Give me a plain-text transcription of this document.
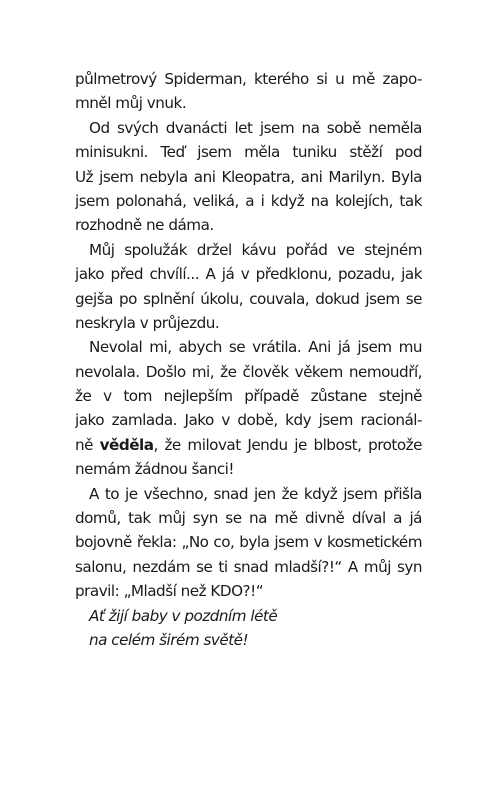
půlmetrový Spiderman, kterého si u mě zapo-
mněl můj vnuk.
Od svých dvanácti let jsem na sobě neměla
minisukni. Teď jsem měla tuniku stěží pod
Už jsem nebyla ani Kleopatra, ani Marilyn. Byla
jsem polonahá, veliká, a i když na kolejích, tak
rozhodně ne dáma.
Můj spolužák držel kávu pořád ve stejném
jako před chvílí... A já v předklonu, pozadu, jak
gejša po splnění úkolu, couvala, dokud jsem se
neskryla v průjezdu.
Nevolal mi, abych se vrátila. Ani já jsem mu
nevolala. Došlo mi, že člověk věkem nemoudří,
že v tom nejlepším případě zůstane stejně
jako zamlada. Jako v době, kdy jsem racionál-
ně věděla, že milovat Jendu je blbost, protože
nemám žádnou šanci!
A to je všechno, snad jen že když jsem přišla
domů, tak můj syn se na mě divně díval a já
bojovně řekla: „No co, byla jsem v kosmetickém
salonu, nezdám se ti snad mladší?!“ A můj syn
pravil: „Mladší než KDO?!“
Ať žijí baby v pozdním létě
na celém širém světě!
